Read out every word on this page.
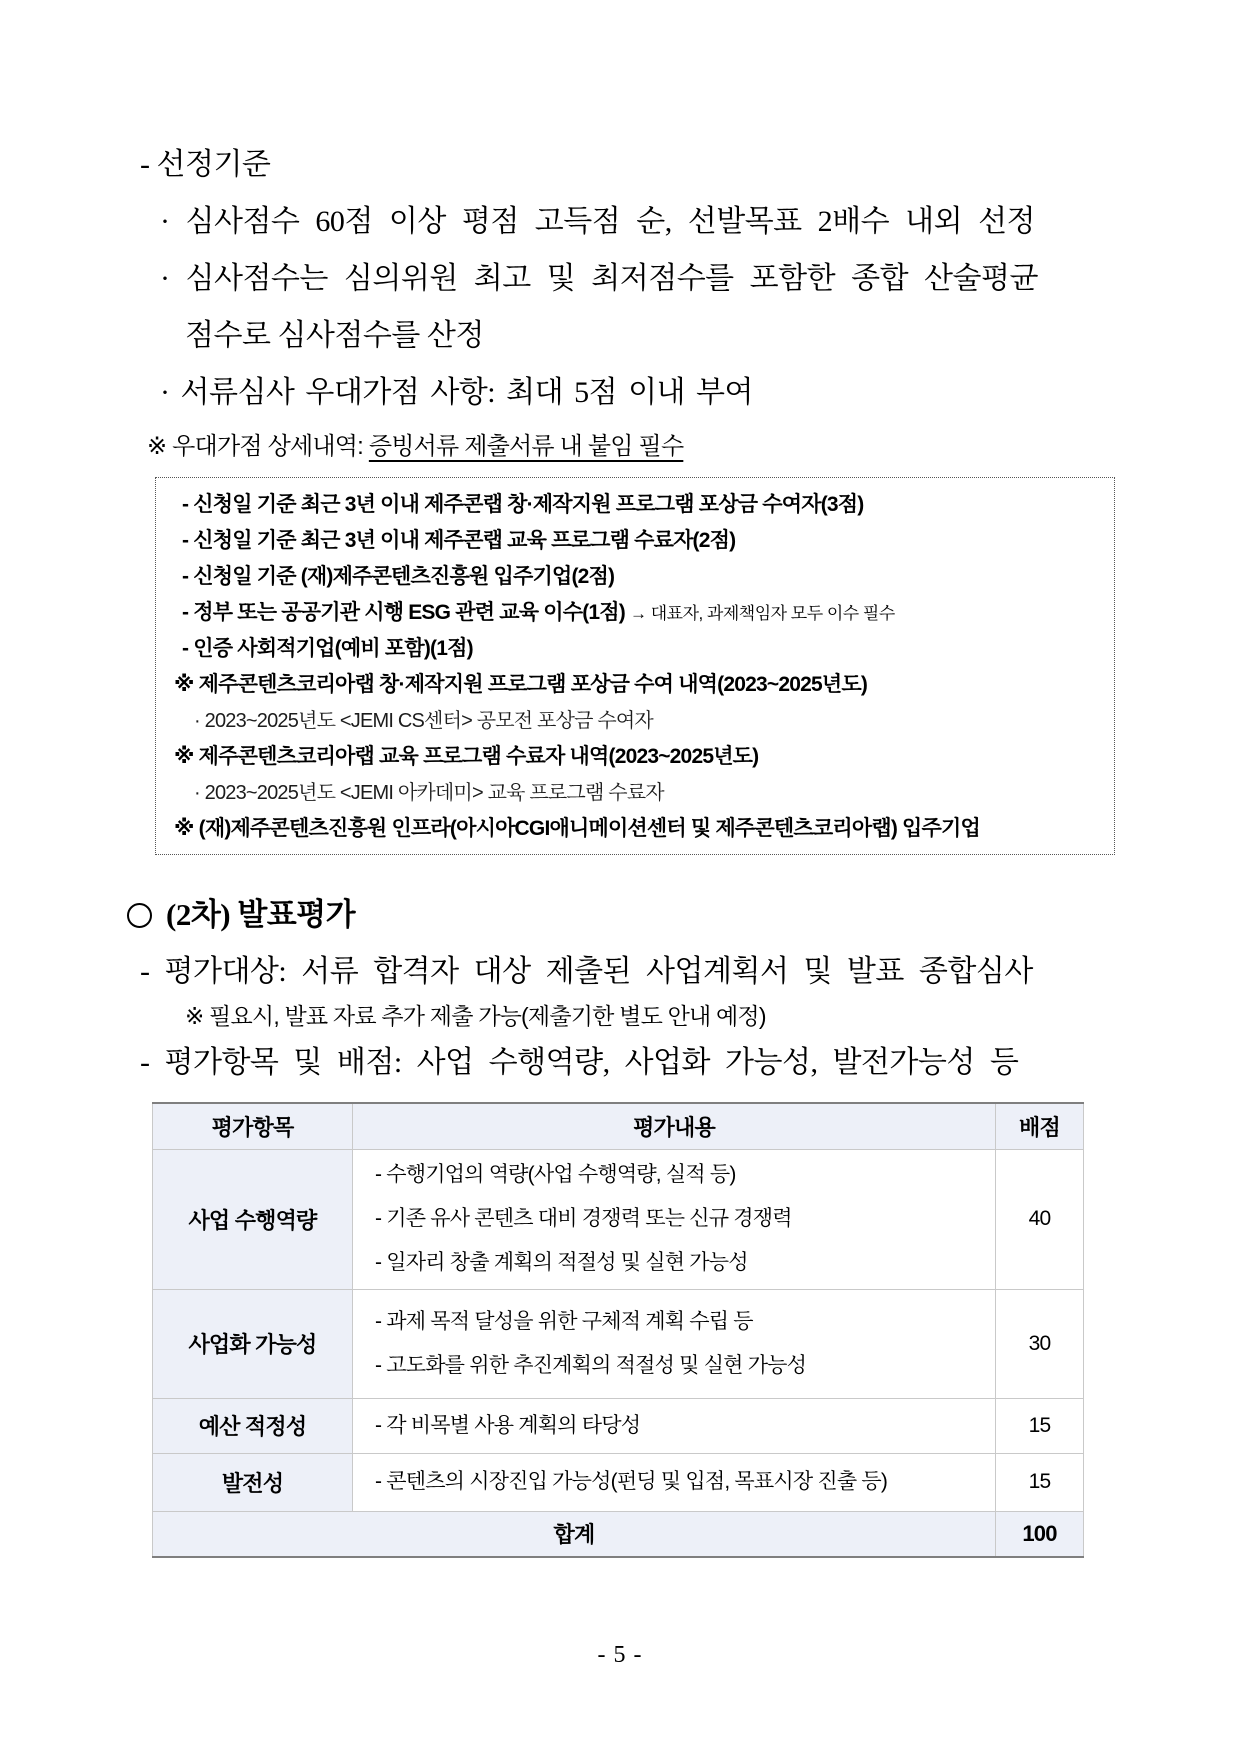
- 선정기준
· 심사점수 60점 이상 평점 고득점 순, 선발목표 2배수 내외 선정
· 심사점수는 심의위원 최고 및 최저점수를 포함한 종합 산술평균
점수로 심사점수를 산정
· 서류심사 우대가점 사항: 최대 5점 이내 부여
※ 우대가점 상세내역: 증빙서류 제출서류 내 붙임 필수
- 신청일 기준 최근 3년 이내 제주콘랩 창·제작지원 프로그램 포상금 수여자(3점)
- 신청일 기준 최근 3년 이내 제주콘랩 교육 프로그램 수료자(2점)
- 신청일 기준 (재)제주콘텐츠진흥원 입주기업(2점)
- 정부 또는 공공기관 시행 ESG 관련 교육 이수(1점) → 대표자, 과제책임자 모두 이수 필수
- 인증 사회적기업(예비 포함)(1점)
※ 제주콘텐츠코리아랩 창·제작지원 프로그램 포상금 수여 내역(2023~2025년도)
· 2023~2025년도 <JEMI CS센터> 공모전 포상금 수여자
※ 제주콘텐츠코리아랩 교육 프로그램 수료자 내역(2023~2025년도)
· 2023~2025년도 <JEMI 아카데미> 교육 프로그램 수료자
※ (재)제주콘텐츠진흥원 인프라(아시아CGI애니메이션센터 및 제주콘텐츠코리아랩) 입주기업
(2차) 발표평가
- 평가대상: 서류 합격자 대상 제출된 사업계획서 및 발표 종합심사
※ 필요시, 발표 자료 추가 제출 가능(제출기한 별도 안내 예정)
- 평가항목 및 배점: 사업 수행역량, 사업화 가능성, 발전가능성 등
평가항목	평가내용	배점
사업 수행역량	- 수행기업의 역량(사업 수행역량, 실적 등)
- 기존 유사 콘텐츠 대비 경쟁력 또는 신규 경쟁력
- 일자리 창출 계획의 적절성 및 실현 가능성	40
사업화 가능성	- 과제 목적 달성을 위한 구체적 계획 수립 등
- 고도화를 위한 추진계획의 적절성 및 실현 가능성	30
예산 적정성	- 각 비목별 사용 계획의 타당성	15
발전성	- 콘텐츠의 시장진입 가능성(펀딩 및 입점, 목표시장 진출 등)	15
합계		100
- 5 -
